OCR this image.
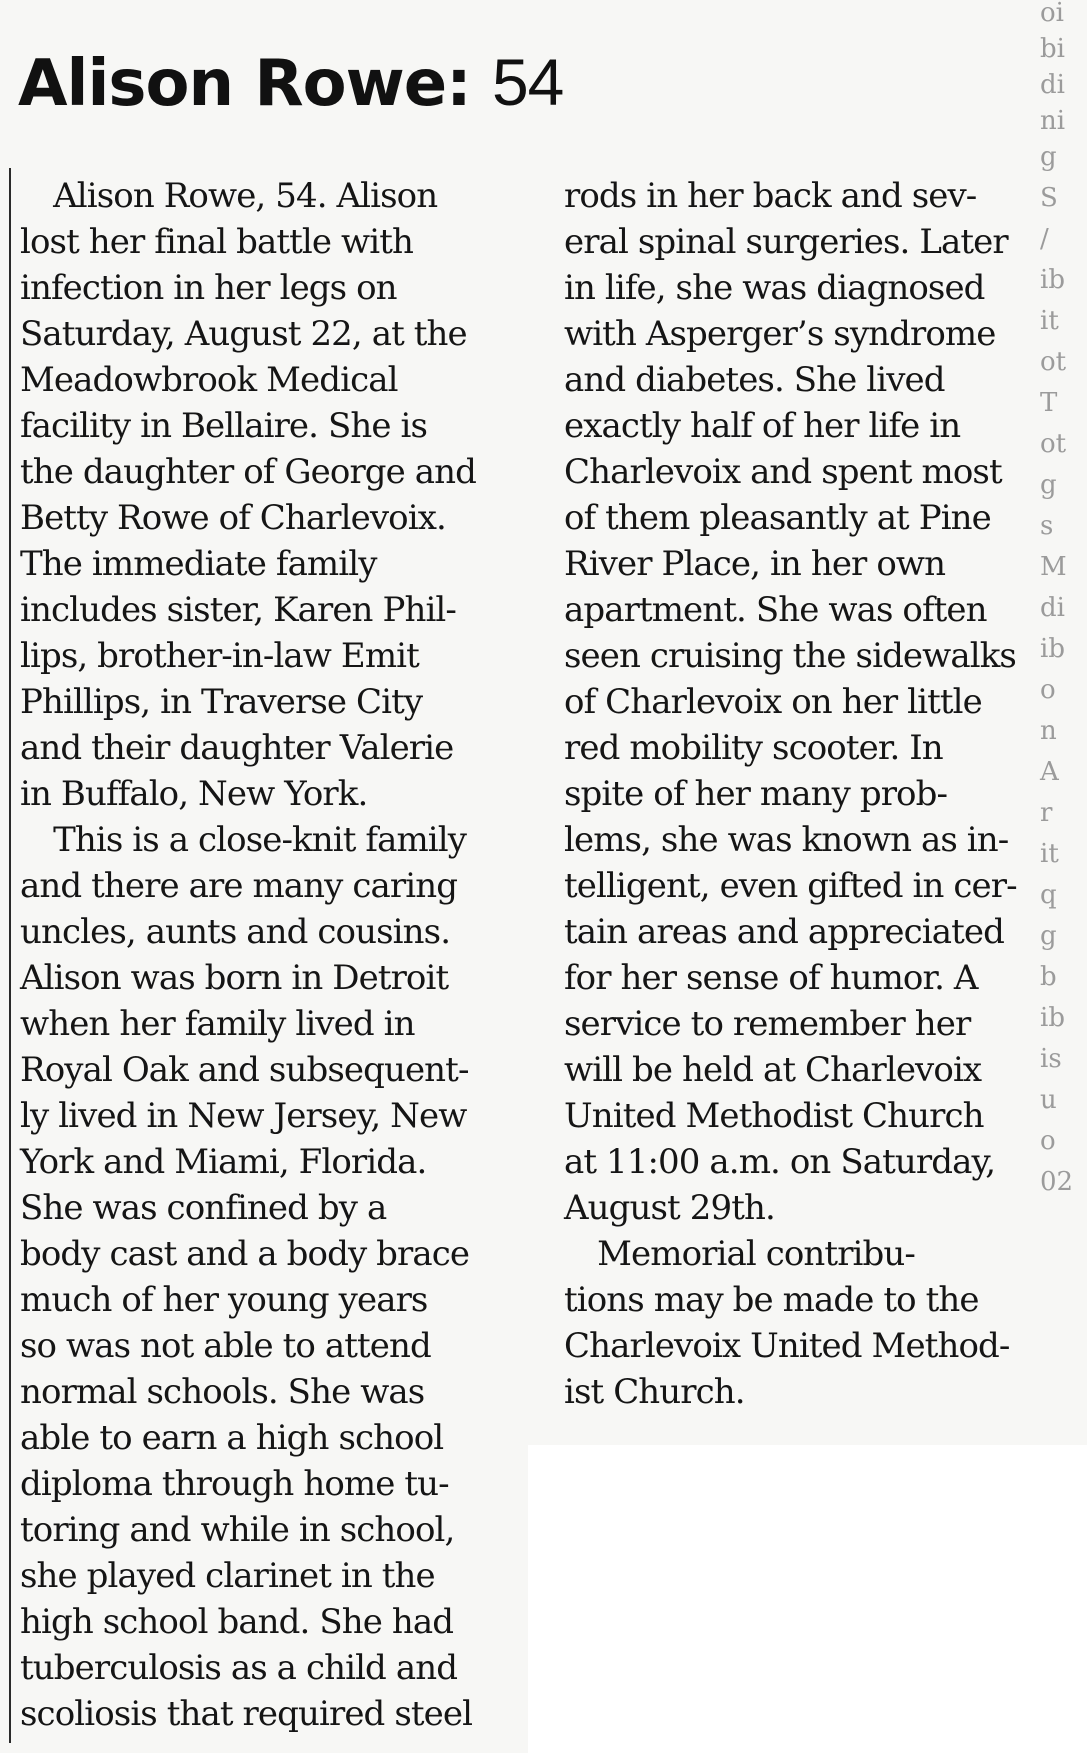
Alison Rowe: 54
 Alison Rowe, 54. Alison
lost her final battle with
infection in her legs on
Saturday, August 22, at the
Meadowbrook Medical
facility in Bellaire. She is
the daughter of George and
Betty Rowe of Charlevoix.
The immediate family
includes sister, Karen Phil-
lips, brother-in-law Emit
Phillips, in Traverse City
and their daughter Valerie
in Buffalo, New York.
 This is a close-knit family
and there are many caring
uncles, aunts and cousins.
Alison was born in Detroit
when her family lived in
Royal Oak and subsequent-
ly lived in New Jersey, New
York and Miami, Florida.
She was confined by a
body cast and a body brace
much of her young years
so was not able to attend
normal schools. She was
able to earn a high school
diploma through home tu-
toring and while in school,
she played clarinet in the
high school band. She had
tuberculosis as a child and
scoliosis that required steel
rods in her back and sev-
eral spinal surgeries. Later
in life, she was diagnosed
with Asperger’s syndrome
and diabetes. She lived
exactly half of her life in
Charlevoix and spent most
of them pleasantly at Pine
River Place, in her own
apartment. She was often
seen cruising the sidewalks
of Charlevoix on her little
red mobility scooter. In
spite of her many prob-
lems, she was known as in-
telligent, even gifted in cer-
tain areas and appreciated
for her sense of humor. A
service to remember her
will be held at Charlevoix
United Methodist Church
at 11:00 a.m. on Saturday,
August 29th.
 Memorial contribu-
tions may be made to the
Charlevoix United Method-
ist Church.
oi
bi
di
ni
g
S
/
ib
it
ot
T
ot
g
s
M
di
ib
o
n
A
r
it
q
g
b
ib
is
u
o
02
